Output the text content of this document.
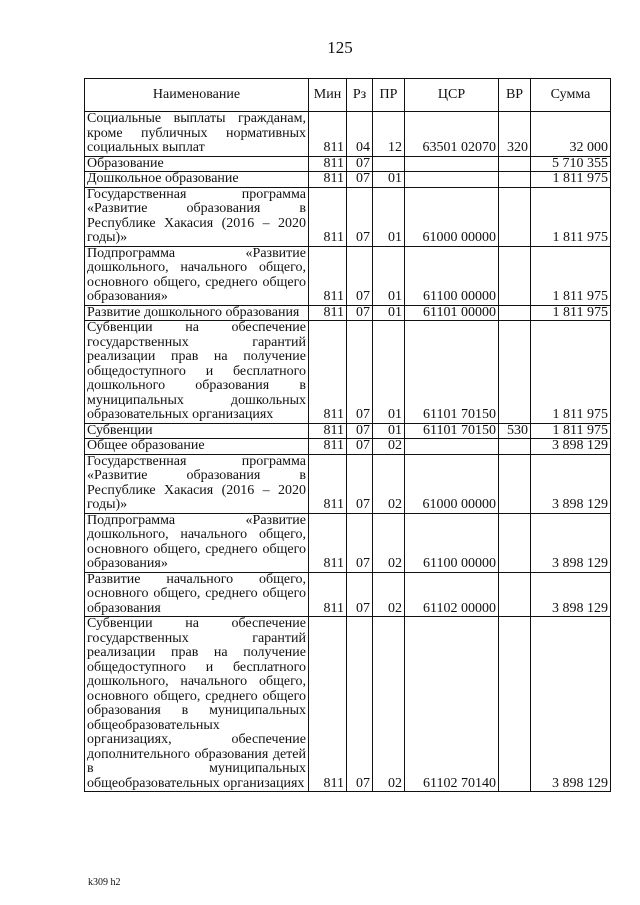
125
Наименование	Мин	Рз	ПР	ЦСР	ВР	Сумма
Социальные выплаты гражданам, кроме публичных нормативных социальных выплат	811	04	12	63501 02070	320	32 000
Образование	811	07				5 710 355
Дошкольное образование	811	07	01			1 811 975
Государственная программа «Развитие образования в Республике Хакасия (2016 – 2020 годы)»	811	07	01	61000 00000		1 811 975
Подпрограмма «Развитие дошкольного, начального общего, основного общего, среднего общего образования»	811	07	01	61100 00000		1 811 975
Развитие дошкольного образования	811	07	01	61101 00000		1 811 975
Субвенции на обеспечение государственных гарантий реализации прав на получение общедоступного и бесплатного дошкольного образования в муниципальных дошкольных образовательных организациях	811	07	01	61101 70150		1 811 975
Субвенции	811	07	01	61101 70150	530	1 811 975
Общее образование	811	07	02			3 898 129
Государственная программа «Развитие образования в Республике Хакасия (2016 – 2020 годы)»	811	07	02	61000 00000		3 898 129
Подпрограмма «Развитие дошкольного, начального общего, основного общего, среднего общего образования»	811	07	02	61100 00000		3 898 129
Развитие начального общего, основного общего, среднего общего образования	811	07	02	61102 00000		3 898 129
Субвенции на обеспечение государственных гарантий реализации прав на получение общедоступного и бесплатного дошкольного, начального общего, основного общего, среднего общего образования в муниципальных общеобразовательных организациях, обеспечение дополнительного образования детей в муниципальных общеобразовательных организациях	811	07	02	61102 70140		3 898 129
k309 h2
